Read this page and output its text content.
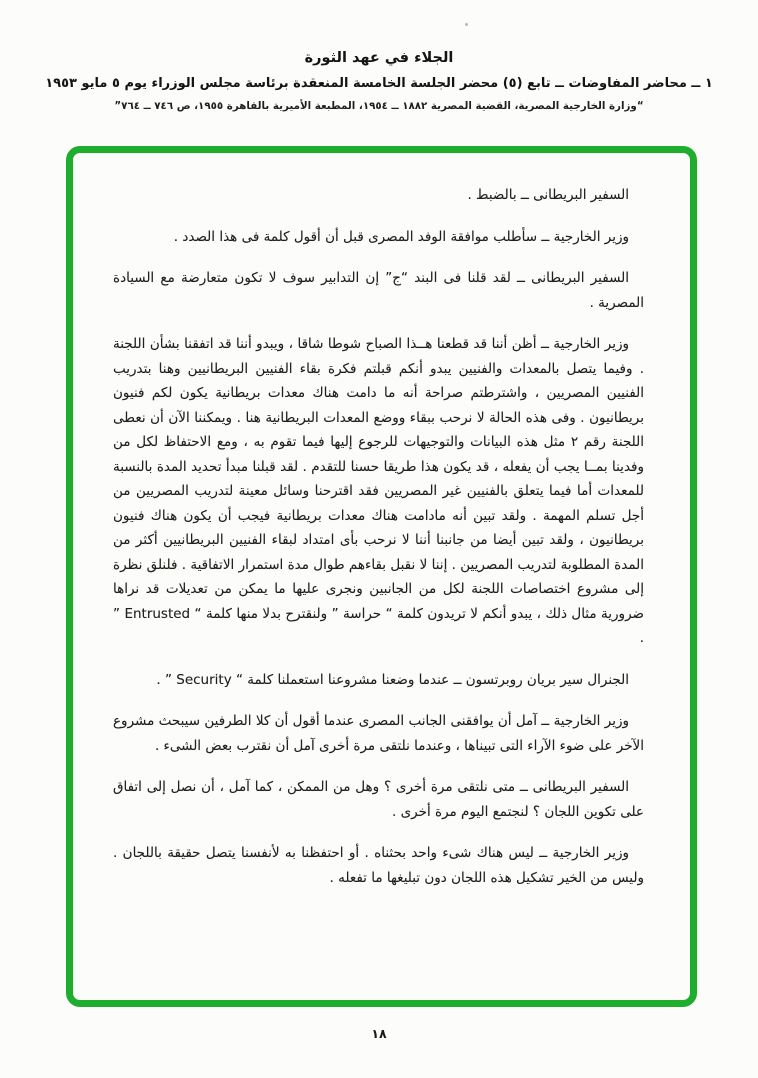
الجلاء في عهد الثورة
١ ــ محاضر المفاوضات ــ تابع (٥) محضر الجلسة الخامسة المنعقدة برئاسة مجلس الوزراء يوم ٥ مايو ١٩٥٣
“وزارة الخارجية المصرية، القضية المصرية ١٨٨٢ ــ ١٩٥٤، المطبعة الأميرية بالقاهرة ١٩٥٥، ص ٧٤٦ ــ ٧٦٤”

السفير البريطانى ــ بالضبط .

وزير الخارجية ــ سأطلب موافقة الوفد المصرى قبل أن أقول كلمة فى هذا الصدد .

السفير البريطانى ــ لقد قلنا فى البند “ج” إن التدابير سوف لا تكون متعارضة مع السيادة المصرية .

وزير الخارجية ــ أظن أننا قد قطعنا هــذا الصباح شوطا شاقا ، ويبدو أننا قد اتفقنا بشأن اللجنة . وفيما يتصل بالمعدات والفنيين يبدو أنكم قبلتم فكرة بقاء الفنيين البريطانيين وهنا بتدريب الفنيين المصريين ، واشترطتم صراحة أنه ما دامت هناك معدات بريطانية يكون لكم فنيون بريطانيون . وفى هذه الحالة لا نرحب ببقاء ووضع المعدات البريطانية هنا . ويمكننا الآن أن نعطى اللجنة رقم ٢ مثل هذه البيانات والتوجيهات للرجوع إليها فيما تقوم به ، ومع الاحتفاظ لكل من وفدينا بمــا يجب أن يفعله ، قد يكون هذا طريقا حسنا للتقدم . لقد قبلنا مبدأ تحديد المدة بالنسبة للمعدات أما فيما يتعلق بالفنيين غير المصريين فقد اقترحنا وسائل معينة لتدريب المصريين من أجل تسلم المهمة . ولقد تبين أنه مادامت هناك معدات بريطانية فيجب أن يكون هناك فنيون بريطانيون ، ولقد تبين أيضا من جانبنا أننا لا نرحب بأى امتداد لبقاء الفنيين البريطانيين أكثر من المدة المطلوبة لتدريب المصريين . إننا لا نقبل بقاءهم طوال مدة استمرار الاتفاقية . فلنلق نظرة إلى مشروع اختصاصات اللجنة لكل من الجانبين ونجرى عليها ما يمكن من تعديلات قد نراها ضرورية مثال ذلك ، يبدو أنكم لا تريدون كلمة “ حراسة ” ولنقترح بدلا منها كلمة “ Entrusted ” .

الجنرال سير بريان روبرتسون ــ عندما وضعنا مشروعنا استعملنا كلمة “ Security ” .

وزير الخارجية ــ آمل أن يوافقنى الجانب المصرى عندما أقول أن كلا الطرفين سيبحث مشروع الآخر على ضوء الآراء التى تبيناها ، وعندما نلتقى مرة أخرى آمل أن نقترب بعض الشىء .

السفير البريطانى ــ متى نلتقى مرة أخرى ؟ وهل من الممكن ، كما آمل ، أن نصل إلى اتفاق على تكوين اللجان ؟ لنجتمع اليوم مرة أخرى .

وزير الخارجية ــ ليس هناك شىء واحد بحثناه . أو احتفظنا به لأنفسنا يتصل حقيقة باللجان . وليس من الخير تشكيل هذه اللجان دون تبليغها ما تفعله .

١٨
